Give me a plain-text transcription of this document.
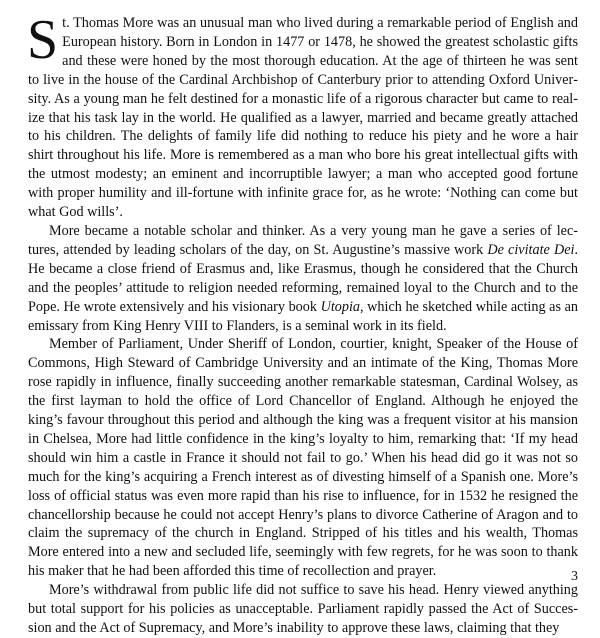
St. Thomas More was an unusual man who lived during a remarkable period of English and European history. Born in London in 1477 or 1478, he showed the greatest scholastic gifts and these were honed by the most thorough education. At the age of thirteen he was sent to live in the house of the Cardinal Archbishop of Canterbury prior to attending Oxford University. As a young man he felt destined for a monastic life of a rigorous character but came to realize that his task lay in the world. He qualified as a lawyer, married and became greatly attached to his children. The delights of family life did nothing to reduce his piety and he wore a hair shirt throughout his life. More is remembered as a man who bore his great intellectual gifts with the utmost modesty; an eminent and incorruptible lawyer; a man who accepted good fortune with proper humility and ill-fortune with infinite grace for, as he wrote: ‘Nothing can come but what God wills’.

More became a notable scholar and thinker. As a very young man he gave a series of lectures, attended by leading scholars of the day, on St. Augustine’s massive work De civitate Dei. He became a close friend of Erasmus and, like Erasmus, though he considered that the Church and the peoples’ attitude to religion needed reforming, remained loyal to the Church and to the Pope. He wrote extensively and his visionary book Utopia, which he sketched while acting as an emissary from King Henry VIII to Flanders, is a seminal work in its field.

Member of Parliament, Under Sheriff of London, courtier, knight, Speaker of the House of Commons, High Steward of Cambridge University and an intimate of the King, Thomas More rose rapidly in influence, finally succeeding another remarkable statesman, Cardinal Wolsey, as the first layman to hold the office of Lord Chancellor of England. Although he enjoyed the king’s favour throughout this period and although the king was a frequent visitor at his mansion in Chelsea, More had little confidence in the king’s loyalty to him, remarking that: ‘If my head should win him a castle in France it should not fail to go.’ When his head did go it was not so much for the king’s acquiring a French interest as of divesting himself of a Spanish one. More’s loss of official status was even more rapid than his rise to influence, for in 1532 he resigned the chancellorship because he could not accept Henry’s plans to divorce Catherine of Aragon and to claim the supremacy of the church in England. Stripped of his titles and his wealth, Thomas More entered into a new and secluded life, seemingly with few regrets, for he was soon to thank his maker that he had been afforded this time of recollection and prayer.

More’s withdrawal from public life did not suffice to save his head. Henry viewed anything but total support for his policies as unacceptable. Parliament rapidly passed the Act of Succession and the Act of Supremacy, and More’s inability to approve these laws, claiming that they

3
